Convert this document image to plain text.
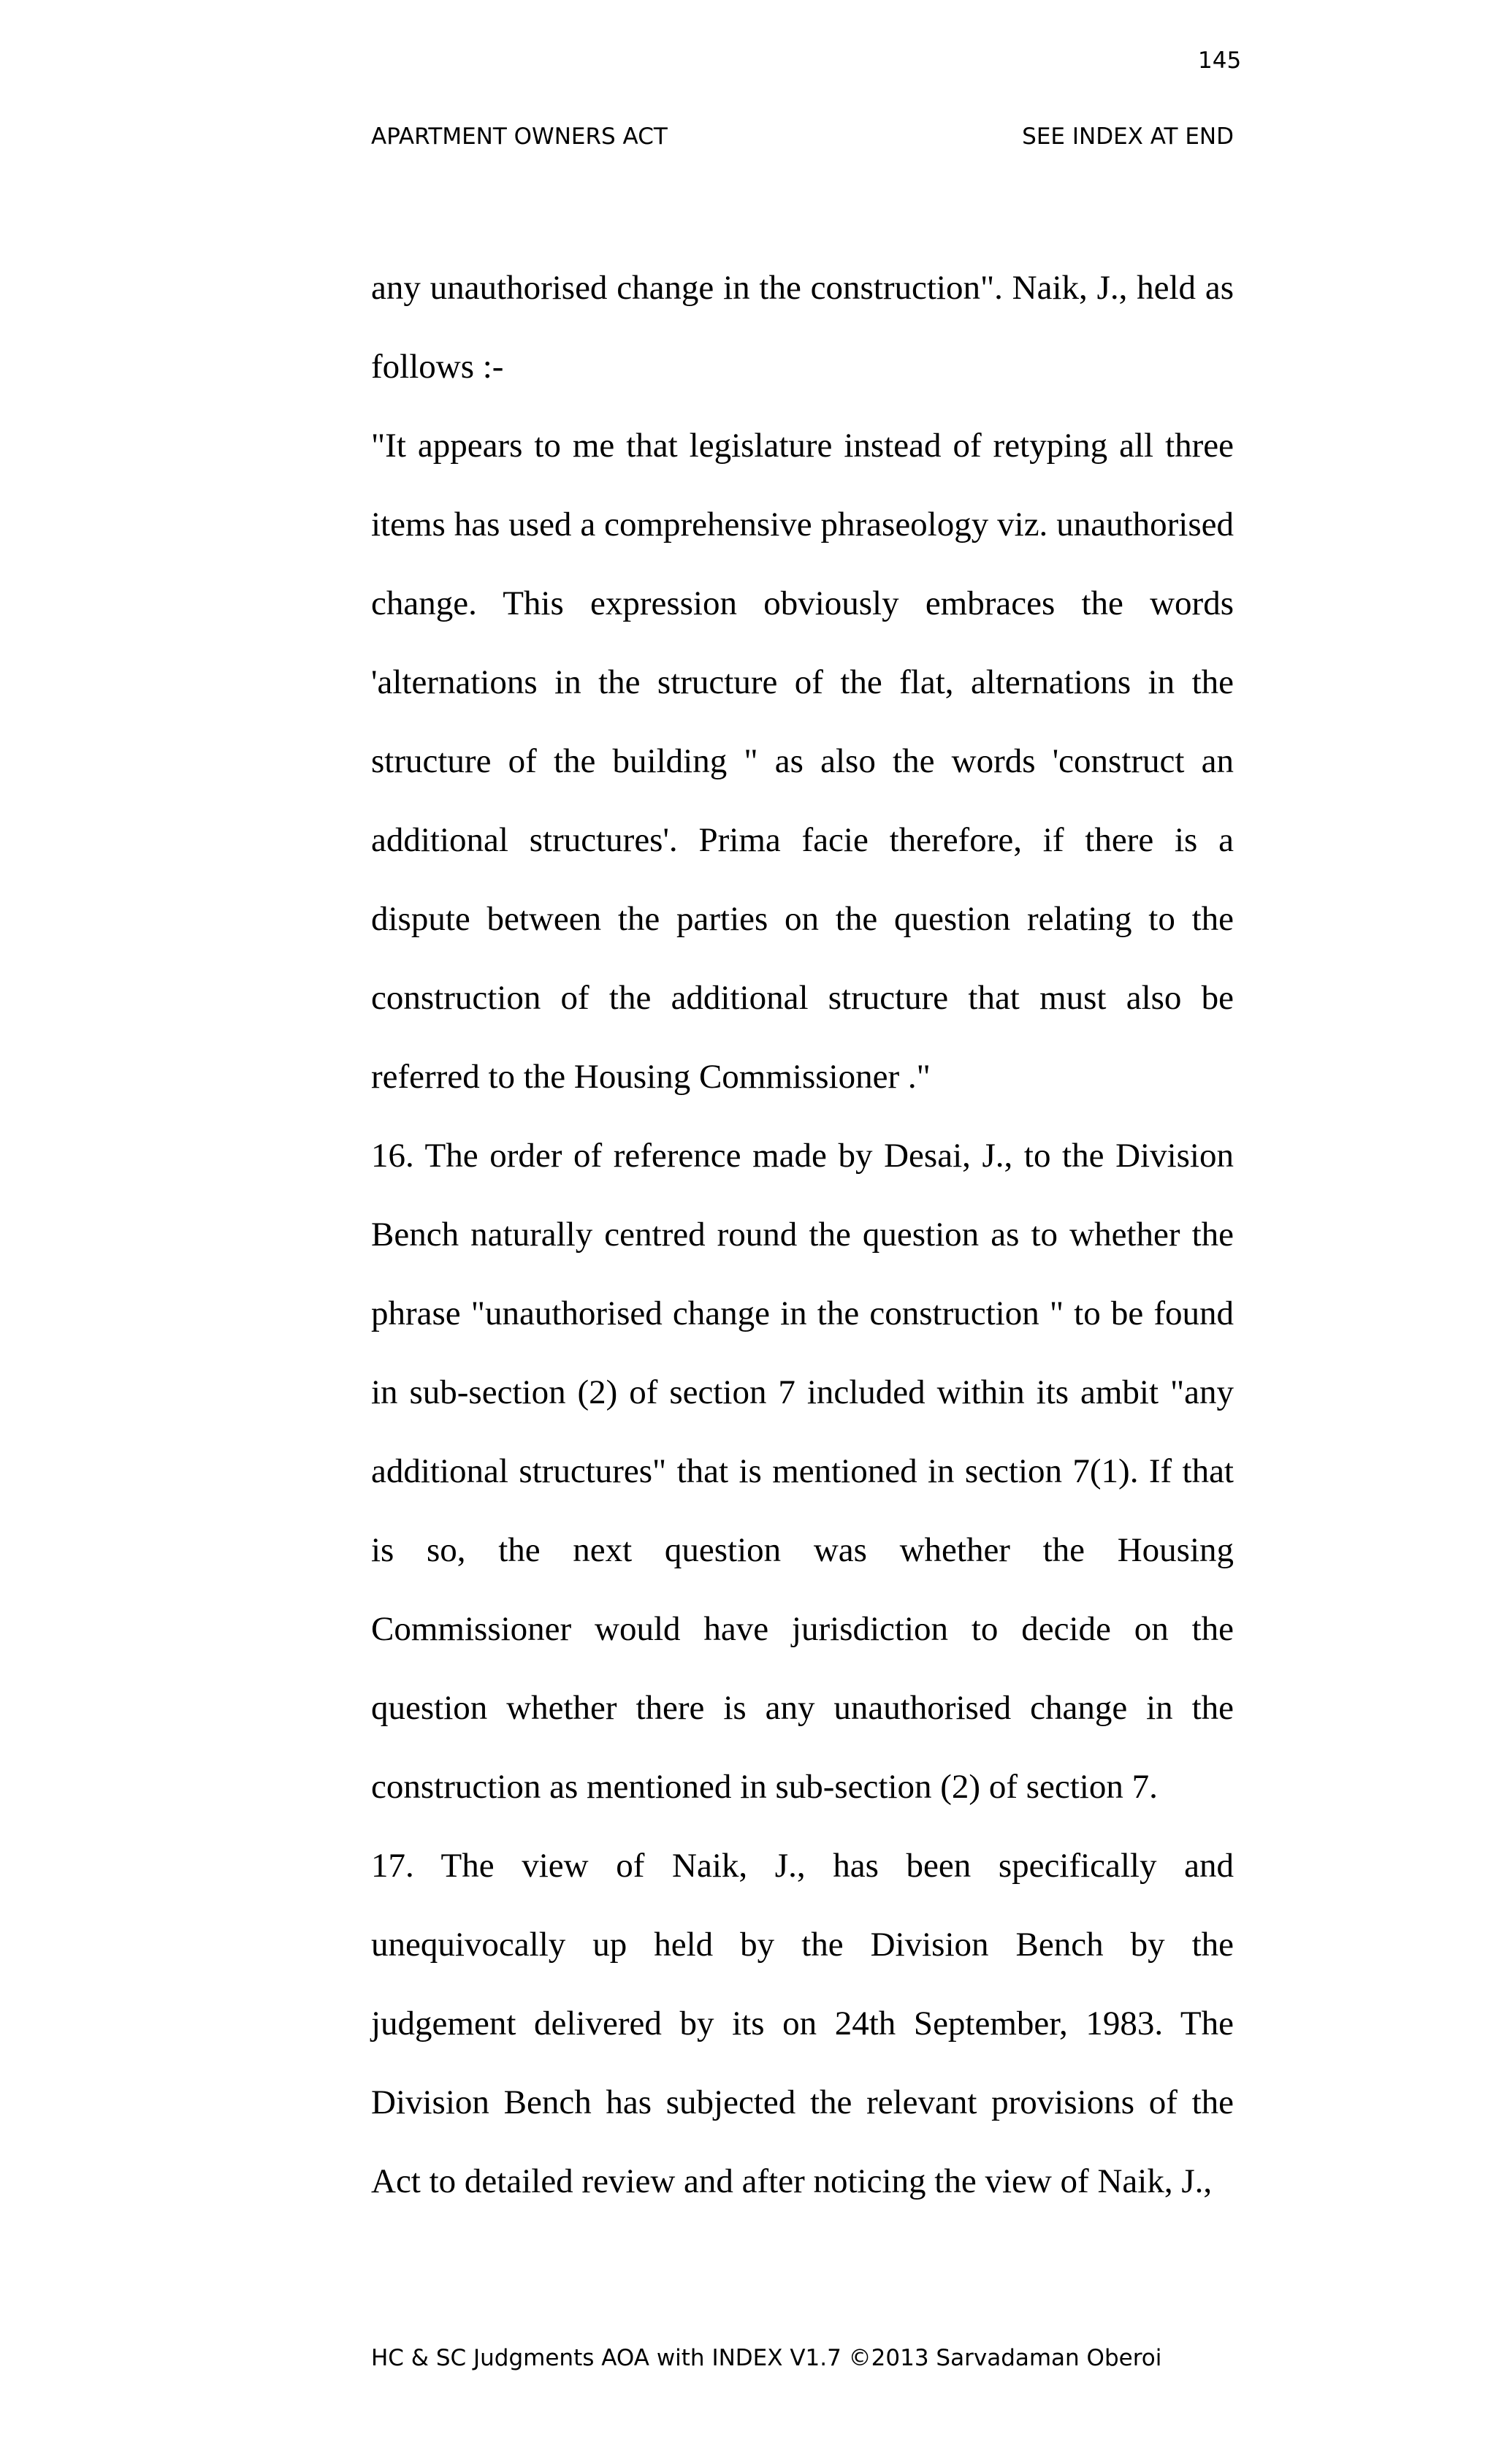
145
APARTMENT OWNERS ACT	SEE INDEX AT END

any unauthorised change in the construction". Naik, J., held as follows :-

"It appears to me that legislature instead of retyping all three items has used a comprehensive phraseology viz. unauthorised change. This expression obviously embraces the words 'alternations in the structure of the flat, alternations in the structure of the building " as also the words 'construct an additional structures'. Prima facie therefore, if there is a dispute between the parties on the question relating to the construction of the additional structure that must also be referred to the Housing Commissioner ."

16. The order of reference made by Desai, J., to the Division Bench naturally centred round the question as to whether the phrase "unauthorised change in the construction " to be found in sub-section (2) of section 7 included within its ambit "any additional structures" that is mentioned in section 7(1). If that is so, the next question was whether the Housing Commissioner would have jurisdiction to decide on the question whether there is any unauthorised change in the construction as mentioned in sub-section (2) of section 7.

17. The view of Naik, J., has been specifically and unequivocally up held by the Division Bench by the judgement delivered by its on 24th September, 1983. The Division Bench has subjected the relevant provisions of the Act to detailed review and after noticing the view of Naik, J.,

HC & SC Judgments AOA with INDEX V1.7 ©2013 Sarvadaman Oberoi
